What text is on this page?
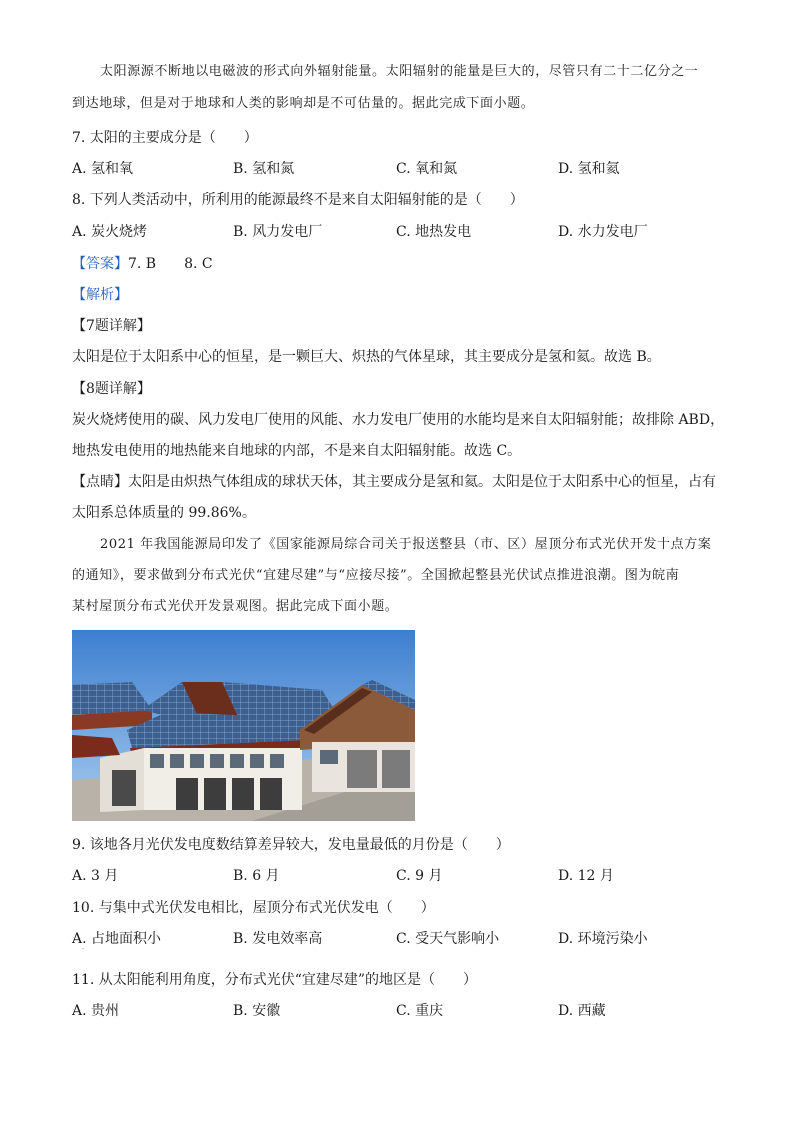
太阳源源不断地以电磁波的形式向外辐射能量。太阳辐射的能量是巨大的，尽管只有二十二亿分之一
到达地球，但是对于地球和人类的影响却是不可估量的。据此完成下面小题。
7. 太阳的主要成分是（　　）
A. 氢和氧	B. 氢和氮	C. 氧和氮	D. 氢和氦
8. 下列人类活动中，所利用的能源最终不是来自太阳辐射能的是（　　）
A. 炭火烧烤	B. 风力发电厂	C. 地热发电	D. 水力发电厂
【答案】7. B　　8. C
【解析】
【7题详解】
太阳是位于太阳系中心的恒星，是一颗巨大、炽热的气体星球，其主要成分是氢和氦。故选 B。
【8题详解】
炭火烧烤使用的碳、风力发电厂使用的风能、水力发电厂使用的水能均是来自太阳辐射能；故排除 ABD，
地热发电使用的地热能来自地球的内部，不是来自太阳辐射能。故选 C。
【点睛】太阳是由炽热气体组成的球状天体，其主要成分是氢和氦。太阳是位于太阳系中心的恒星，占有
太阳系总体质量的 99.86%。
2021 年我国能源局印发了《国家能源局综合司关于报送整县（市、区）屋顶分布式光伏开发十点方案
的通知》，要求做到分布式光伏“宜建尽建”与“应接尽接”。全国掀起整县光伏试点推进浪潮。图为皖南
某村屋顶分布式光伏开发景观图。据此完成下面小题。
9. 该地各月光伏发电度数结算差异较大，发电量最低的月份是（　　）
A. 3 月	B. 6 月	C. 9 月	D. 12 月
10. 与集中式光伏发电相比，屋顶分布式光伏发电（　　）
A. 占地面积小	B. 发电效率高	C. 受天气影响小	D. 环境污染小
·
11. 从太阳能利用角度，分布式光伏“宜建尽建”的地区是（　　）
A. 贵州	B. 安徽	C. 重庆	D. 西藏
